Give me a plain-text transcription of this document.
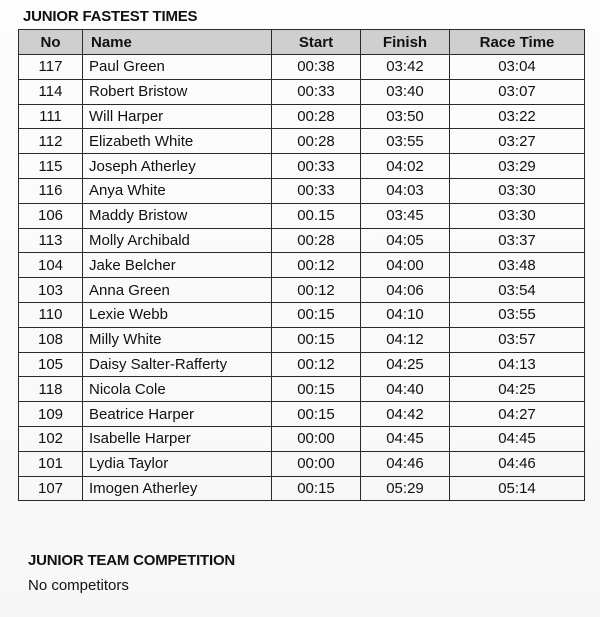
JUNIOR FASTEST TIMES
No	Name	Start	Finish	Race Time
117	Paul Green	00:38	03:42	03:04
114	Robert Bristow	00:33	03:40	03:07
111	Will Harper	00:28	03:50	03:22
112	Elizabeth White	00:28	03:55	03:27
115	Joseph Atherley	00:33	04:02	03:29
116	Anya White	00:33	04:03	03:30
106	Maddy Bristow	00.15	03:45	03:30
113	Molly Archibald	00:28	04:05	03:37
104	Jake Belcher	00:12	04:00	03:48
103	Anna Green	00:12	04:06	03:54
110	Lexie Webb	00:15	04:10	03:55
108	Milly White	00:15	04:12	03:57
105	Daisy Salter-Rafferty	00:12	04:25	04:13
118	Nicola Cole	00:15	04:40	04:25
109	Beatrice Harper	00:15	04:42	04:27
102	Isabelle Harper	00:00	04:45	04:45
101	Lydia Taylor	00:00	04:46	04:46
107	Imogen Atherley	00:15	05:29	05:14
JUNIOR TEAM COMPETITION
No competitors
